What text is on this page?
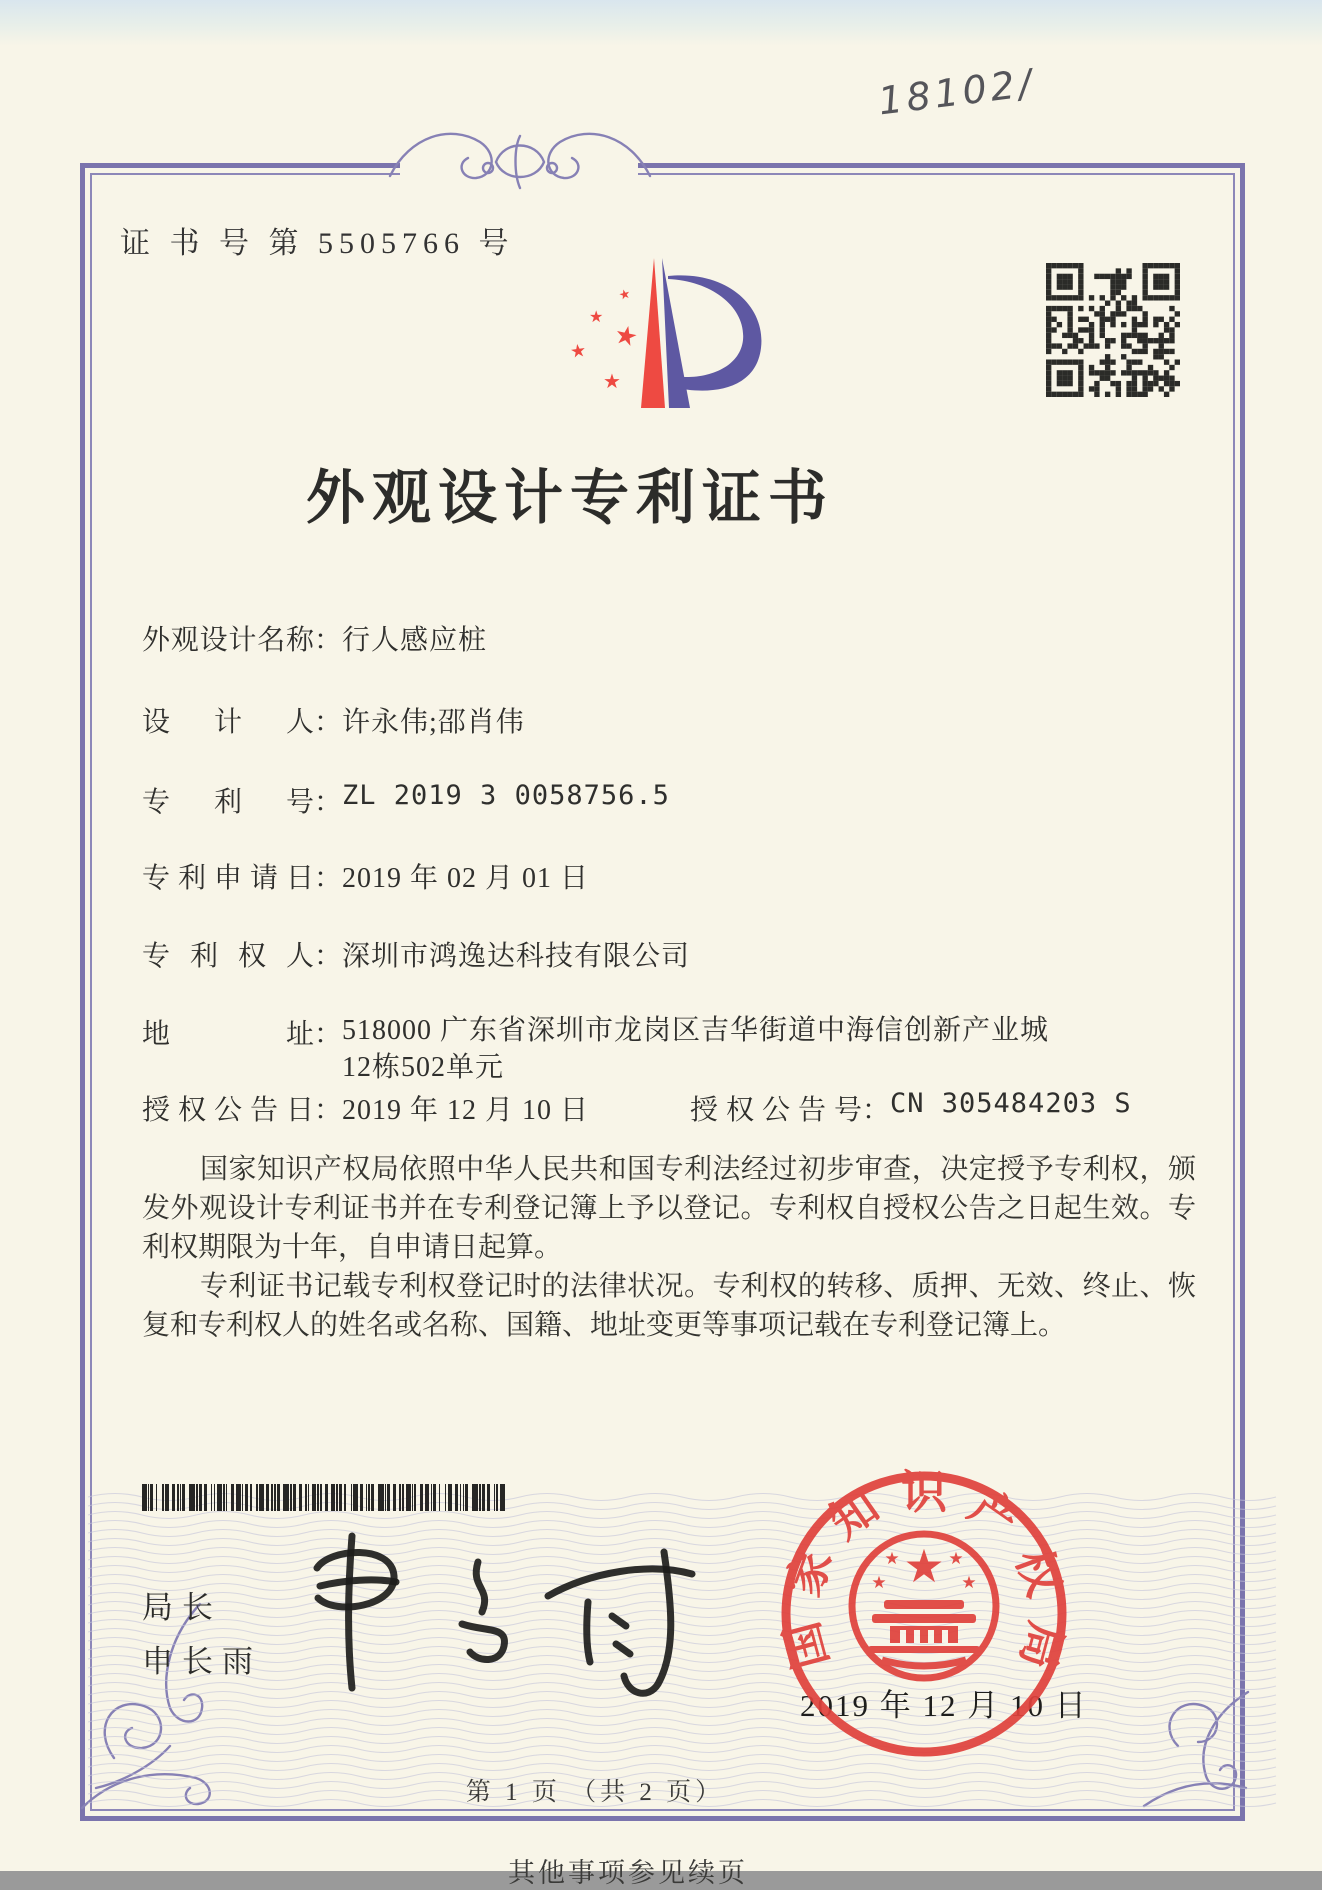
18102/
证 书 号 第 5505766 号
★
★
★
★
★
外观设计专利证书
外观设计名称：行人感应桩
设计人：许永伟;邵肖伟
专利号：ZL 2019 3 0058756.5
专利申请日：2019 年 02 月 01 日
专利权人：深圳市鸿逸达科技有限公司
地址：518000 广东省深圳市龙岗区吉华街道中海信创新产业城12栋502单元
授权公告日：2019 年 12 月 10 日	授权公告号：CN 305484203 S

国家知识产权局依照中华人民共和国专利法经过初步审查，决定授予专利权，颁发外观设计专利证书并在专利登记簿上予以登记。专利权自授权公告之日起生效。专利权期限为十年，自申请日起算。

专利证书记载专利权登记时的法律状况。专利权的转移、质押、无效、终止、恢复和专利权人的姓名或名称、国籍、地址变更等事项记载在专利登记簿上。

局长
申长雨
2019 年 12 月 10 日
国
家
知 识 产
权
局
★
★	★
★	★
第 1 页 （共 2 页）
其他事项参见续页
